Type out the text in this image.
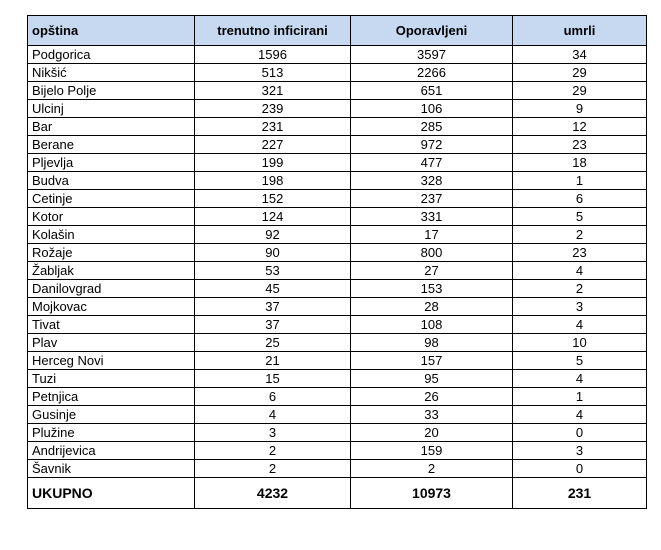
opština	trenutno inficirani	Oporavljeni	umrli
Podgorica	1596	3597	34
Nikšić	513	2266	29
Bijelo Polje	321	651	29
Ulcinj	239	106	9
Bar	231	285	12
Berane	227	972	23
Pljevlja	199	477	18
Budva	198	328	1
Cetinje	152	237	6
Kotor	124	331	5
Kolašin	92	17	2
Rožaje	90	800	23
Žabljak	53	27	4
Danilovgrad	45	153	2
Mojkovac	37	28	3
Tivat	37	108	4
Plav	25	98	10
Herceg Novi	21	157	5
Tuzi	15	95	4
Petnjica	6	26	1
Gusinje	4	33	4
Plužine	3	20	0
Andrijevica	2	159	3
Šavnik	2	2	0
UKUPNO	4232	10973	231
